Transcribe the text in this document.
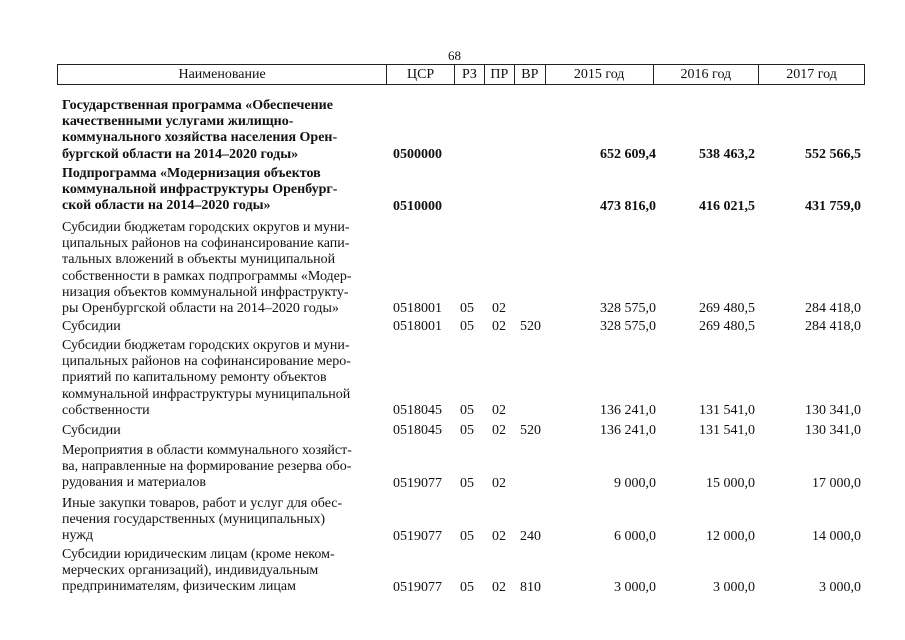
68
Наименование	ЦСР	РЗ ПР ВР	2015 год	2016 год	2017 год
Государственная программа «Обеспечение
качественными услугами жилищно-
коммунального хозяйства населения Орен-
бургской области на 2014–2020 годы»	0500000	652 609,4	538 463,2	552 566,5
Подпрограмма «Модернизация объектов
коммунальной инфраструктуры Оренбург-
ской области на 2014–2020 годы»	0510000	473 816,0	416 021,5	431 759,0
Субсидии бюджетам городских округов и муни-
ципальных районов на софинансирование капи-
тальных вложений в объекты муниципальной
собственности в рамках подпрограммы «Модер-
низация объектов коммунальной инфраструкту-
ры Оренбургской области на 2014–2020 годы»	0518001 05 02	328 575,0	269 480,5	284 418,0
Субсидии	0518001 05 02 520	328 575,0	269 480,5	284 418,0
Субсидии бюджетам городских округов и муни-
ципальных районов на софинансирование меро-
приятий по капитальному ремонту объектов
коммунальной инфраструктуры муниципальной
собственности	0518045 05 02	136 241,0	131 541,0	130 341,0
Субсидии	0518045 05 02 520	136 241,0	131 541,0	130 341,0
Мероприятия в области коммунального хозяйст-
ва, направленные на формирование резерва обо-
рудования и материалов	0519077 05 02	9 000,0	15 000,0	17 000,0
Иные закупки товаров, работ и услуг для обес-
печения государственных (муниципальных)
нужд	0519077 05 02 240	6 000,0	12 000,0	14 000,0
Субсидии юридическим лицам (кроме неком-
мерческих организаций), индивидуальным
предпринимателям, физическим лицам	0519077 05 02 810	3 000,0	3 000,0	3 000,0
